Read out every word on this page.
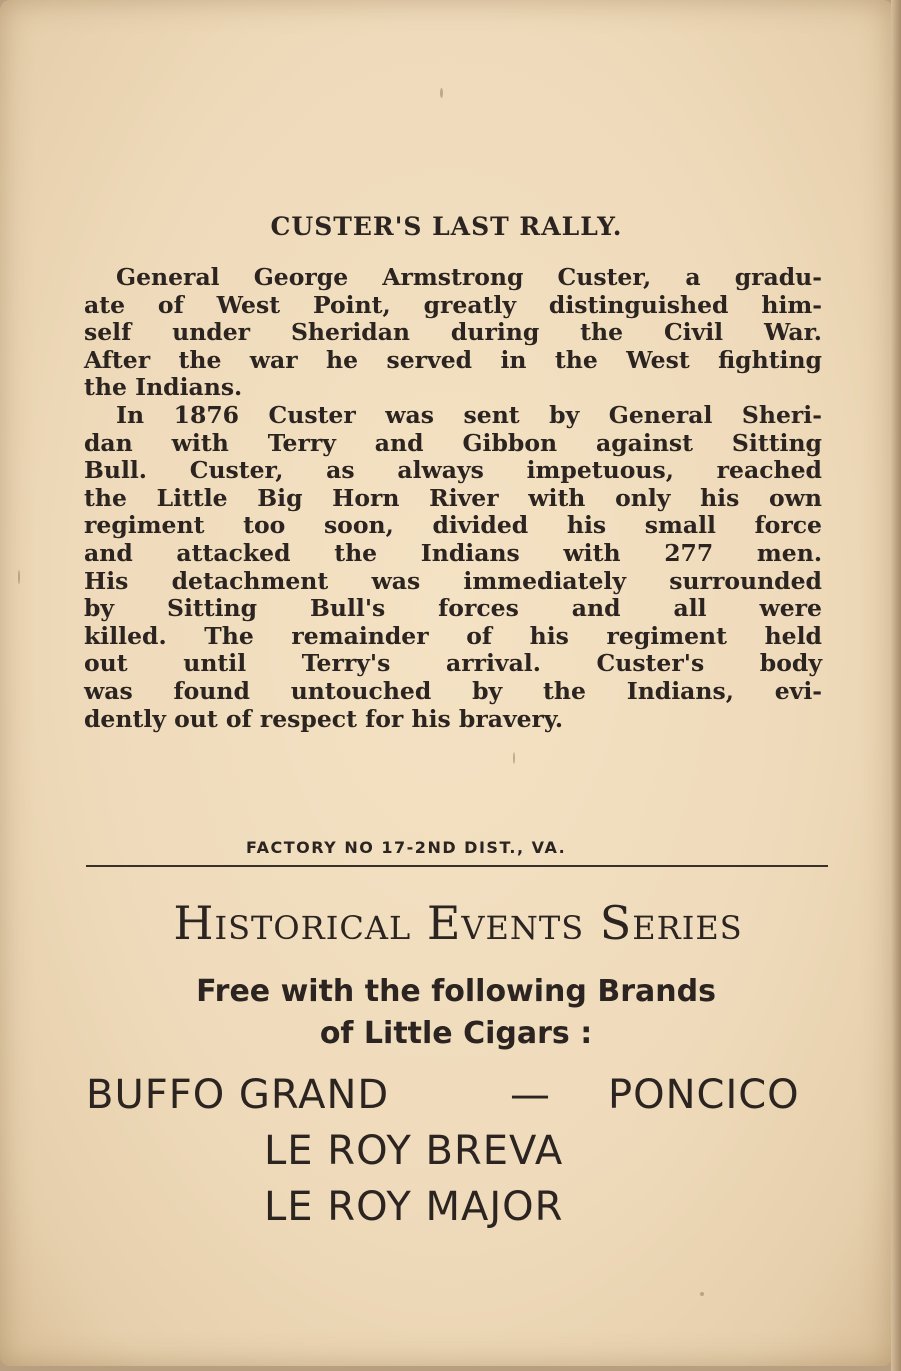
CUSTER'S LAST RALLY.
General George Armstrong Custer, a gradu-
ate of West Point, greatly distinguished him-
self under Sheridan during the Civil War.
After the war he served in the West fighting
the Indians.
In 1876 Custer was sent by General Sheri-
dan with Terry and Gibbon against Sitting
Bull. Custer, as always impetuous, reached
the Little Big Horn River with only his own
regiment too soon, divided his small force
and attacked the Indians with 277 men.
His detachment was immediately surrounded
by Sitting Bull's forces and all were
killed. The remainder of his regiment held
out until Terry's arrival. Custer's body
was found untouched by the Indians, evi-
dently out of respect for his bravery.
FACTORY NO 17-2ND DIST., VA.
Historical Events Series
Free with the following Brands
of Little Cigars :
BUFFO GRAND	— PONCICO
LE ROY BREVA
LE ROY MAJOR
